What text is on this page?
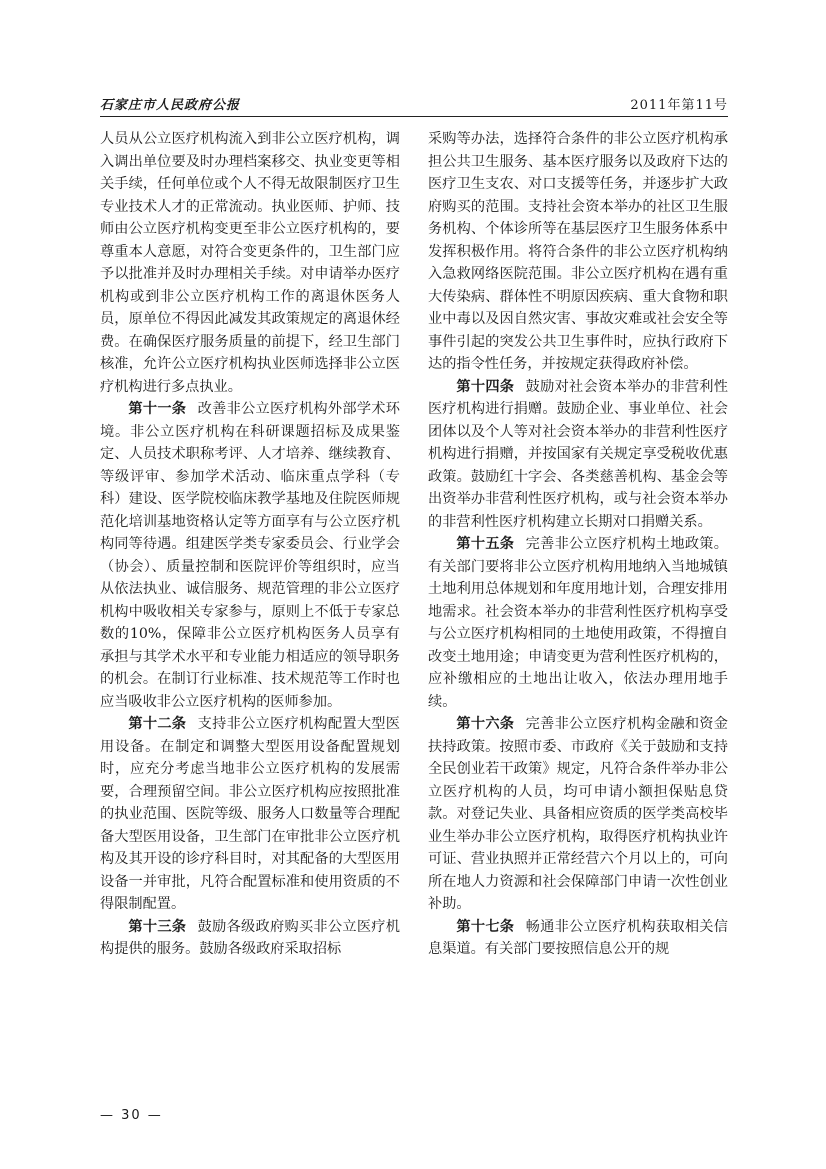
石家庄市人民政府公报	2011年第11号

人员从公立医疗机构流入到非公立医疗机构，调入调出单位要及时办理档案移交、执业变更等相关手续，任何单位或个人不得无故限制医疗卫生专业技术人才的正常流动。执业医师、护师、技师由公立医疗机构变更至非公立医疗机构的，要尊重本人意愿，对符合变更条件的，卫生部门应予以批准并及时办理相关手续。对申请举办医疗机构或到非公立医疗机构工作的离退休医务人员，原单位不得因此减发其政策规定的离退休经费。在确保医疗服务质量的前提下，经卫生部门核准，允许公立医疗机构执业医师选择非公立医疗机构进行多点执业。

第十一条 改善非公立医疗机构外部学术环境。非公立医疗机构在科研课题招标及成果鉴定、人员技术职称考评、人才培养、继续教育、等级评审、参加学术活动、临床重点学科（专科）建设、医学院校临床教学基地及住院医师规范化培训基地资格认定等方面享有与公立医疗机构同等待遇。组建医学类专家委员会、行业学会（协会）、质量控制和医院评价等组织时，应当从依法执业、诚信服务、规范管理的非公立医疗机构中吸收相关专家参与，原则上不低于专家总数的10%，保障非公立医疗机构医务人员享有承担与其学术水平和专业能力相适应的领导职务的机会。在制订行业标准、技术规范等工作时也应当吸收非公立医疗机构的医师参加。

第十二条 支持非公立医疗机构配置大型医用设备。在制定和调整大型医用设备配置规划时，应充分考虑当地非公立医疗机构的发展需要，合理预留空间。非公立医疗机构应按照批准的执业范围、医院等级、服务人口数量等合理配备大型医用设备，卫生部门在审批非公立医疗机构及其开设的诊疗科目时，对其配备的大型医用设备一并审批，凡符合配置标准和使用资质的不得限制配置。

第十三条 鼓励各级政府购买非公立医疗机构提供的服务。鼓励各级政府采取招标

采购等办法，选择符合条件的非公立医疗机构承担公共卫生服务、基本医疗服务以及政府下达的医疗卫生支农、对口支援等任务，并逐步扩大政府购买的范围。支持社会资本举办的社区卫生服务机构、个体诊所等在基层医疗卫生服务体系中发挥积极作用。将符合条件的非公立医疗机构纳入急救网络医院范围。非公立医疗机构在遇有重大传染病、群体性不明原因疾病、重大食物和职业中毒以及因自然灾害、事故灾难或社会安全等事件引起的突发公共卫生事件时，应执行政府下达的指令性任务，并按规定获得政府补偿。

第十四条 鼓励对社会资本举办的非营利性医疗机构进行捐赠。鼓励企业、事业单位、社会团体以及个人等对社会资本举办的非营利性医疗机构进行捐赠，并按国家有关规定享受税收优惠政策。鼓励红十字会、各类慈善机构、基金会等出资举办非营利性医疗机构，或与社会资本举办的非营利性医疗机构建立长期对口捐赠关系。

第十五条 完善非公立医疗机构土地政策。有关部门要将非公立医疗机构用地纳入当地城镇土地利用总体规划和年度用地计划，合理安排用地需求。社会资本举办的非营利性医疗机构享受与公立医疗机构相同的土地使用政策，不得擅自改变土地用途；申请变更为营利性医疗机构的，应补缴相应的土地出让收入，依法办理用地手续。

第十六条 完善非公立医疗机构金融和资金扶持政策。按照市委、市政府《关于鼓励和支持全民创业若干政策》规定，凡符合条件举办非公立医疗机构的人员，均可申请小额担保贴息贷款。对登记失业、具备相应资质的医学类高校毕业生举办非公立医疗机构，取得医疗机构执业许可证、营业执照并正常经营六个月以上的，可向所在地人力资源和社会保障部门申请一次性创业补助。

第十七条 畅通非公立医疗机构获取相关信息渠道。有关部门要按照信息公开的规

— 30 —
